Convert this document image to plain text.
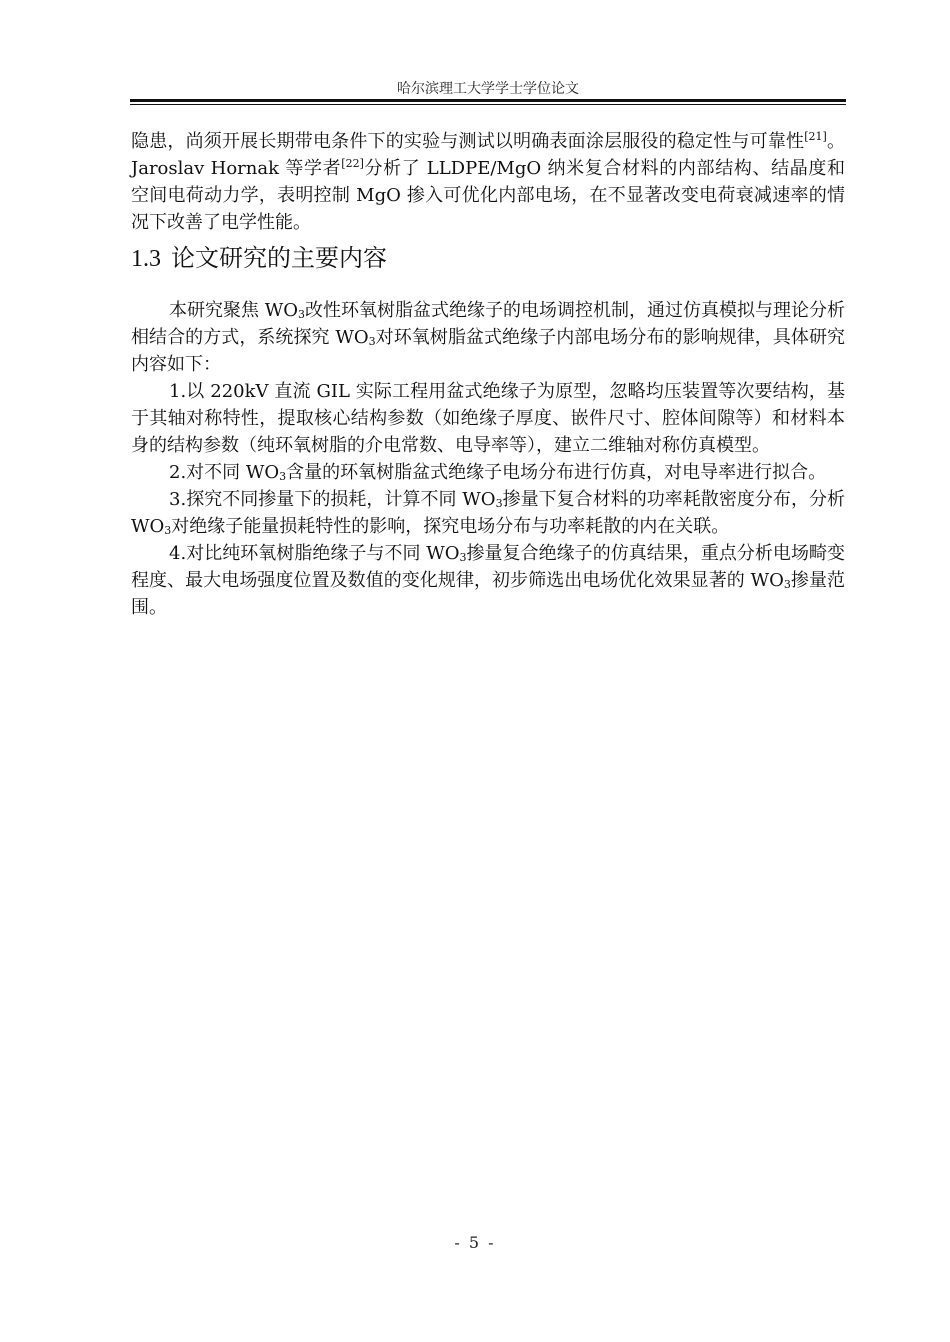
哈尔滨理工大学学士学位论文

隐患，尚须开展长期带电条件下的实验与测试以明确表面涂层服役的稳定性与可靠性[21]。Jaroslav Hornak 等学者[22]分析了 LLDPE/MgO 纳米复合材料的内部结构、结晶度和空间电荷动力学，表明控制 MgO 掺入可优化内部电场，在不显著改变电荷衰减速率的情况下改善了电学性能。

1.3 论文研究的主要内容

本研究聚焦 $WO_3$改性环氧树脂盆式绝缘子的电场调控机制，通过仿真模拟与理论分析相结合的方式，系统探究 $WO_3$对环氧树脂盆式绝缘子内部电场分布的影响规律，具体研究内容如下：

1.以 220kV 直流 GIL 实际工程用盆式绝缘子为原型，忽略均压装置等次要结构，基于其轴对称特性，提取核心结构参数（如绝缘子厚度、嵌件尺寸、腔体间隙等）和材料本身的结构参数（纯环氧树脂的介电常数、电导率等），建立二维轴对称仿真模型。

2.对不同 $WO_3$含量的环氧树脂盆式绝缘子电场分布进行仿真，对电导率进行拟合。

3.探究不同掺量下的损耗，计算不同 $WO_3$掺量下复合材料的功率耗散密度分布，分析 $WO_3$对绝缘子能量损耗特性的影响，探究电场分布与功率耗散的内在关联。

4.对比纯环氧树脂绝缘子与不同 $WO_3$掺量复合绝缘子的仿真结果，重点分析电场畸变程度、最大电场强度位置及数值的变化规律，初步筛选出电场优化效果显著的 $WO_3$掺量范围。

- 5 -
